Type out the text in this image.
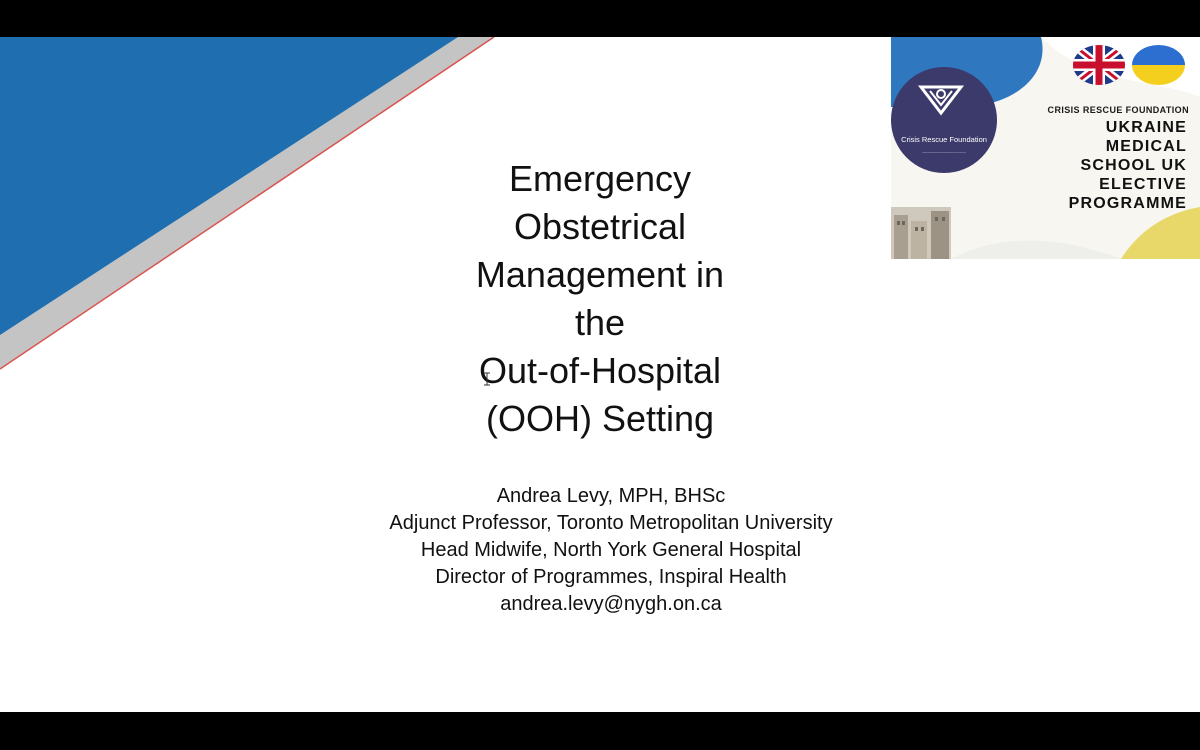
Emergency
Obstetrical
Management in
the
Out-of-Hospital
(OOH) Setting
Andrea Levy, MPH, BHSc
Adjunct Professor, Toronto Metropolitan University
Head Midwife, North York General Hospital
Director of Programmes, Inspiral Health
andrea.levy@nygh.on.ca
Crisis Rescue Foundation
~~~~~~~~~~~~~~~~~~
CRISIS RESCUE FOUNDATION
UKRAINE
MEDICAL
SCHOOL UK
ELECTIVE
PROGRAMME
